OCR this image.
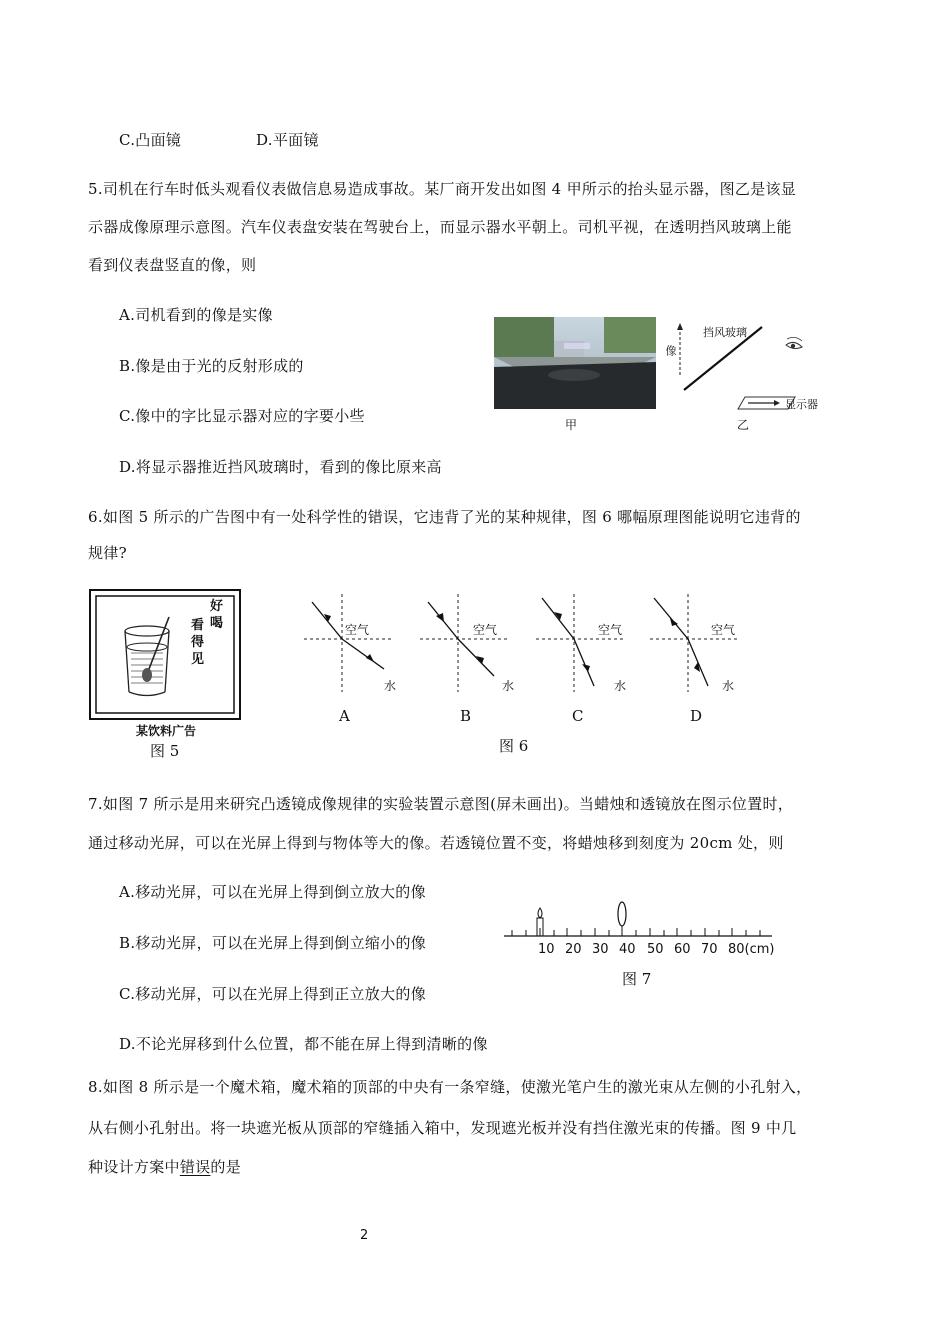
C.凸面镜	D.平面镜
5.司机在行车时低头观看仪表做信息易造成事故。某厂商开发出如图 4 甲所示的抬头显示器，图乙是该显
示器成像原理示意图。汽车仪表盘安装在驾驶台上，而显示器水平朝上。司机平视，在透明挡风玻璃上能
看到仪表盘竖直的像，则
A.司机看到的像是实像
B.像是由于光的反射形成的
C.像中的字比显示器对应的字要小些
D.将显示器推近挡风玻璃时，看到的像比原来高
甲
挡风玻璃
像
显示器
乙
6.如图 5 所示的广告图中有一处科学性的错误，它违背了光的某种规律，图 6 哪幅原理图能说明它违背的
规律?
好
喝
看
得
见
某饮料广告
图 5
空气
水
空气
水
空气
水
空气
水
A	B	C	D
图 6
7.如图 7 所示是用来研究凸透镜成像规律的实验装置示意图(屏未画出)。当蜡烛和透镜放在图示位置时，
通过移动光屏，可以在光屏上得到与物体等大的像。若透镜位置不变，将蜡烛移到刻度为 20cm 处，则
A.移动光屏，可以在光屏上得到倒立放大的像
B.移动光屏，可以在光屏上得到倒立缩小的像
C.移动光屏，可以在光屏上得到正立放大的像
D.不论光屏移到什么位置，都不能在屏上得到清晰的像
10 20 30 40 50 60 70 80(cm)
图 7
8.如图 8 所示是一个魔术箱，魔术箱的顶部的中央有一条窄缝，使激光笔户生的激光束从左侧的小孔射入，
从右侧小孔射出。将一块遮光板从顶部的窄缝插入箱中，发现遮光板并没有挡住激光束的传播。图 9 中几
种设计方案中错误的是
2
